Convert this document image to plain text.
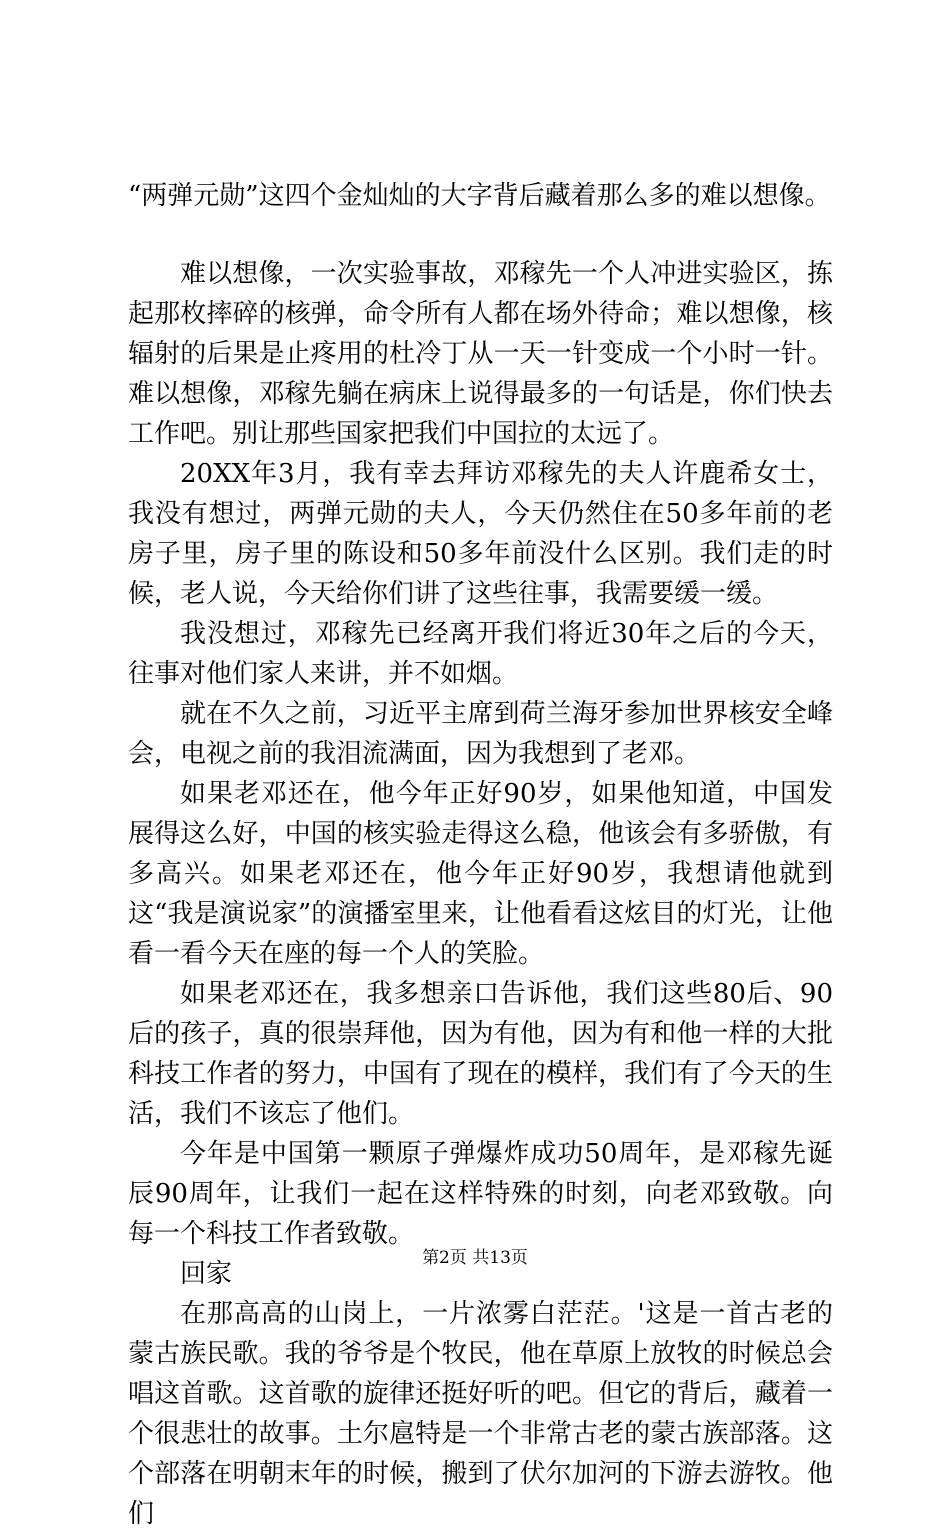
“两弹元勋”这四个金灿灿的大字背后藏着那么多的难以想像。

难以想像，一次实验事故，邓稼先一个人冲进实验区，拣起那枚摔碎的核弹，命令所有人都在场外待命；难以想像，核辐射的后果是止疼用的杜冷丁从一天一针变成一个小时一针。难以想像，邓稼先躺在病床上说得最多的一句话是，你们快去工作吧。别让那些国家把我们中国拉的太远了。

20XX年3月，我有幸去拜访邓稼先的夫人许鹿希女士，我没有想过，两弹元勋的夫人，今天仍然住在50多年前的老房子里，房子里的陈设和50多年前没什么区别。我们走的时候，老人说，今天给你们讲了这些往事，我需要缓一缓。

我没想过，邓稼先已经离开我们将近30年之后的今天，往事对他们家人来讲，并不如烟。

就在不久之前，习近平主席到荷兰海牙参加世界核安全峰会，电视之前的我泪流满面，因为我想到了老邓。

如果老邓还在，他今年正好90岁，如果他知道，中国发展得这么好，中国的核实验走得这么稳，他该会有多骄傲，有多高兴。如果老邓还在，他今年正好90岁，我想请他就到这“我是演说家”的演播室里来，让他看看这炫目的灯光，让他看一看今天在座的每一个人的笑脸。

如果老邓还在，我多想亲口告诉他，我们这些80后、90后的孩子，真的很崇拜他，因为有他，因为有和他一样的大批科技工作者的努力，中国有了现在的模样，我们有了今天的生活，我们不该忘了他们。

今年是中国第一颗原子弹爆炸成功50周年，是邓稼先诞辰90周年，让我们一起在这样特殊的时刻，向老邓致敬。向每一个科技工作者致敬。

回家

在那高高的山岗上，一片浓雾白茫茫。'这是一首古老的蒙古族民歌。我的爷爷是个牧民，他在草原上放牧的时候总会唱这首歌。这首歌的旋律还挺好听的吧。但它的背后，藏着一个很悲壮的故事。土尔扈特是一个非常古老的蒙古族部落。这个部落在明朝末年的时候，搬到了伏尔加河的下游去游牧。他们

第2页 共13页
